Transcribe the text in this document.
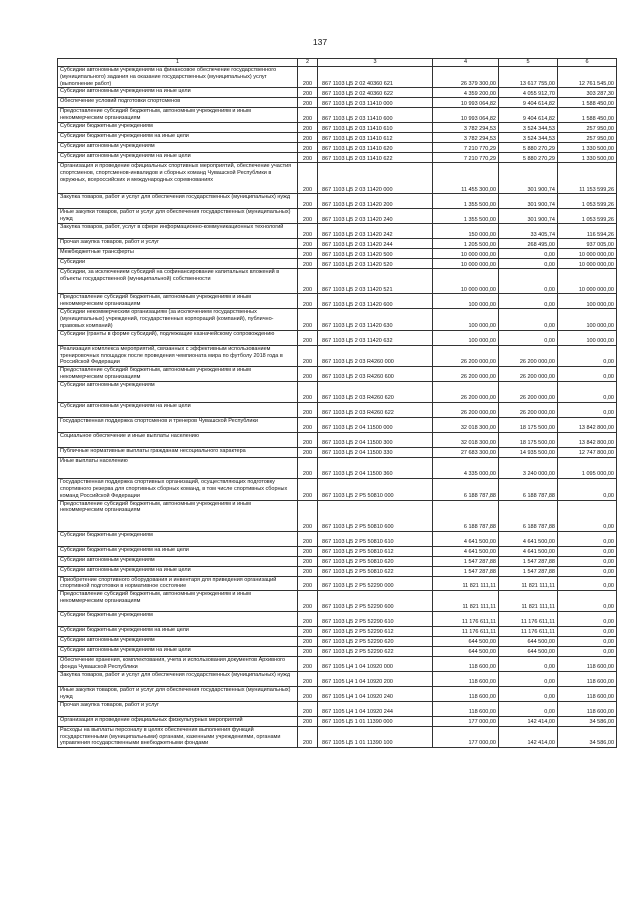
137
1	2	3	4	5	6
Субсидии автономным учреждениям на финансовое обеспечение государственного (муниципального) задания на оказание государственных (муниципальных) услуг (выполнение работ)	200	867 1103 Ц5 2 02 40360 621	26 379 300,00	13 617 755,00	12 761 545,00
Субсидии автономным учреждениям на иные цели	200	867 1103 Ц5 2 02 40360 622	4 359 200,00	4 055 912,70	303 287,30
Обеспечение условий подготовки спортсменов	200	867 1103 Ц5 2 03 11410 000	10 993 064,82	9 404 614,82	1 588 450,00
Предоставление субсидий бюджетным, автономным учреждениям и иным некоммерческим организациям	200	867 1103 Ц5 2 03 11410 600	10 993 064,82	9 404 614,82	1 588 450,00
Субсидии бюджетным учреждениям	200	867 1103 Ц5 2 03 11410 610	3 782 294,53	3 524 344,53	257 950,00
Субсидии бюджетным учреждениям на иные цели	200	867 1103 Ц5 2 03 11410 612	3 782 294,53	3 524 344,53	257 950,00
Субсидии автономным учреждениям	200	867 1103 Ц5 2 03 11410 620	7 210 770,29	5 880 270,29	1 330 500,00
Субсидии автономным учреждениям на иные цели	200	867 1103 Ц5 2 03 11410 622	7 210 770,29	5 880 270,29	1 330 500,00
Организация и проведение официальных спортивных мероприятий, обеспечение участия спортсменов, спортсменов-инвалидов и сборных команд Чувашской Республики в окружных, всероссийских и международных соревнованиях	200	867 1103 Ц5 2 03 11420 000	11 455 300,00	301 900,74	11 153 599,26
Закупка товаров, работ и услуг для обеспечения государственных (муниципальных) нужд	200	867 1103 Ц5 2 03 11420 200	1 355 500,00	301 900,74	1 053 599,26
Иные закупки товаров, работ и услуг для обеспечения государственных (муниципальных) нужд	200	867 1103 Ц5 2 03 11420 240	1 355 500,00	301 900,74	1 053 599,26
Закупка товаров, работ, услуг в сфере информационно-коммуникационных технологий	200	867 1103 Ц5 2 03 11420 242	150 000,00	33 405,74	116 594,26
Прочая закупка товаров, работ и услуг	200	867 1103 Ц5 2 03 11420 244	1 205 500,00	268 495,00	937 005,00
Межбюджетные трансферты	200	867 1103 Ц5 2 03 11420 500	10 000 000,00	0,00	10 000 000,00
Субсидии	200	867 1103 Ц5 2 03 11420 520	10 000 000,00	0,00	10 000 000,00
Субсидии, за исключением субсидий на софинансирование капитальных вложений в объекты государственной (муниципальной) собственности	200	867 1103 Ц5 2 03 11420 521	10 000 000,00	0,00	10 000 000,00
Предоставление субсидий бюджетным, автономным учреждениям и иным некоммерческим организациям	200	867 1103 Ц5 2 03 11420 600	100 000,00	0,00	100 000,00
Субсидии некоммерческим организациям (за исключением государственных (муниципальных) учреждений, государственных корпораций (компаний), публично-правовых компаний)	200	867 1103 Ц5 2 03 11420 630	100 000,00	0,00	100 000,00
Субсидии (гранты в форме субсидий), подлежащие казначейскому сопровождению	200	867 1103 Ц5 2 03 11420 632	100 000,00	0,00	100 000,00
Реализация комплекса мероприятий, связанных с эффективным использованием тренировочных площадок после проведения чемпионата мира по футболу 2018 года в Российской Федерации	200	867 1103 Ц5 2 03 R4260 000	26 200 000,00	26 200 000,00	0,00
Предоставление субсидий бюджетным, автономным учреждениям и иным некоммерческим организациям	200	867 1103 Ц5 2 03 R4260 600	26 200 000,00	26 200 000,00	0,00
Субсидии автономным учреждениям	200	867 1103 Ц5 2 03 R4260 620	26 200 000,00	26 200 000,00	0,00
Субсидии автономным учреждениям на иные цели	200	867 1103 Ц5 2 03 R4260 622	26 200 000,00	26 200 000,00	0,00
Государственная поддержка спортсменов и тренеров Чувашской Республики	200	867 1103 Ц5 2 04 11500 000	32 018 300,00	18 175 500,00	13 842 800,00
Социальное обеспечение и иные выплаты населению	200	867 1103 Ц5 2 04 11500 300	32 018 300,00	18 175 500,00	13 842 800,00
Публичные нормативные выплаты гражданам несоциального характера	200	867 1103 Ц5 2 04 11500 330	27 683 300,00	14 935 500,00	12 747 800,00
Иные выплаты населению	200	867 1103 Ц5 2 04 11500 360	4 335 000,00	3 240 000,00	1 095 000,00
Государственная поддержка спортивных организаций, осуществляющих подготовку спортивного резерва для спортивных сборных команд, в том числе спортивных сборных команд Российской Федерации	200	867 1103 Ц5 2 P5 50810 000	6 188 787,88	6 188 787,88	0,00
Предоставление субсидий бюджетным, автономным учреждениям и иным некоммерческим организациям	200	867 1103 Ц5 2 P5 50810 600	6 188 787,88	6 188 787,88	0,00
Субсидии бюджетным учреждениям	200	867 1103 Ц5 2 P5 50810 610	4 641 500,00	4 641 500,00	0,00
Субсидии бюджетным учреждениям на иные цели	200	867 1103 Ц5 2 P5 50810 612	4 641 500,00	4 641 500,00	0,00
Субсидии автономным учреждениям	200	867 1103 Ц5 2 P5 50810 620	1 547 287,88	1 547 287,88	0,00
Субсидии автономным учреждениям на иные цели	200	867 1103 Ц5 2 P5 50810 622	1 547 287,88	1 547 287,88	0,00
Приобретение спортивного оборудования и инвентаря для приведения организаций спортивной подготовки в нормативное состояние	200	867 1103 Ц5 2 P5 52290 000	11 821 111,11	11 821 111,11	0,00
Предоставление субсидий бюджетным, автономным учреждениям и иным некоммерческим организациям	200	867 1103 Ц5 2 P5 52290 600	11 821 111,11	11 821 111,11	0,00
Субсидии бюджетным учреждениям	200	867 1103 Ц5 2 P5 52290 610	11 176 611,11	11 176 611,11	0,00
Субсидии бюджетным учреждениям на иные цели	200	867 1103 Ц5 2 P5 52290 612	11 176 611,11	11 176 611,11	0,00
Субсидии автономным учреждениям	200	867 1103 Ц5 2 P5 52290 620	644 500,00	644 500,00	0,00
Субсидии автономным учреждениям на иные цели	200	867 1103 Ц5 2 P5 52290 622	644 500,00	644 500,00	0,00
Обеспечение хранения, комплектования, учета и использования документов Архивного фонда Чувашской Республики	200	867 1105 Ц4 1 04 10920 000	118 600,00	0,00	118 600,00
Закупка товаров, работ и услуг для обеспечения государственных (муниципальных) нужд	200	867 1105 Ц4 1 04 10920 200	118 600,00	0,00	118 600,00
Иные закупки товаров, работ и услуг для обеспечения государственных (муниципальных) нужд	200	867 1105 Ц4 1 04 10920 240	118 600,00	0,00	118 600,00
Прочая закупка товаров, работ и услуг	200	867 1105 Ц4 1 04 10920 244	118 600,00	0,00	118 600,00
Организация и проведение официальных физкультурных мероприятий	200	867 1105 Ц5 1 01 11390 000	177 000,00	142 414,00	34 586,00
Расходы на выплаты персоналу в целях обеспечения выполнения функций государственными (муниципальными) органами, казенными учреждениями, органами управления государственными внебюджетными фондами	200	867 1105 Ц5 1 01 11390 100	177 000,00	142 414,00	34 586,00
